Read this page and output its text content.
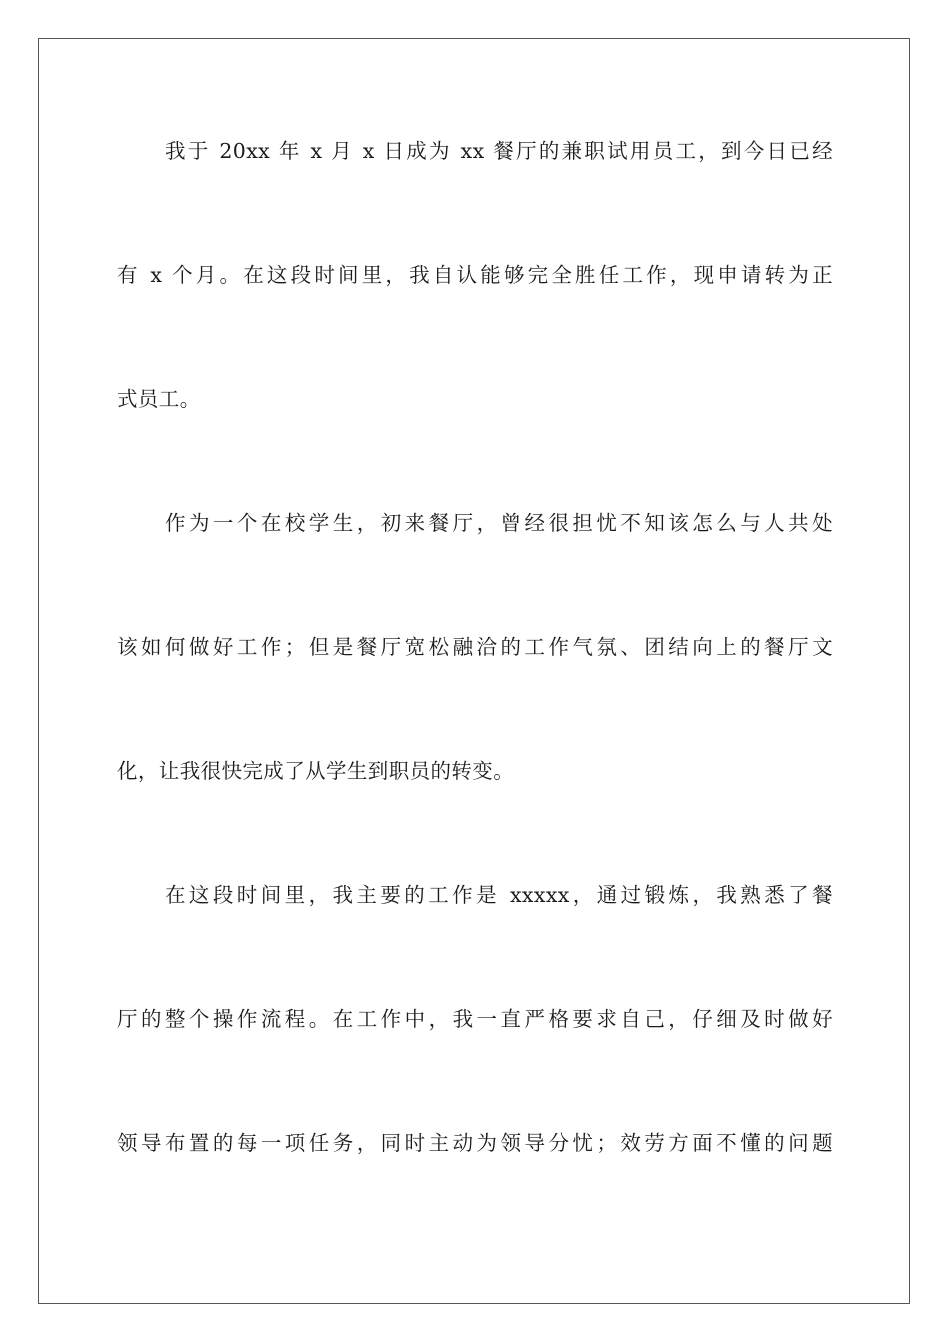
我于 20xx 年 x 月 x 日成为 xx 餐厅的兼职试用员工，到今日已经
有 x 个月。在这段时间里，我自认能够完全胜任工作，现申请转为正
式员工。
作为一个在校学生，初来餐厅，曾经很担忧不知该怎么与人共处
该如何做好工作；但是餐厅宽松融洽的工作气氛、团结向上的餐厅文
化，让我很快完成了从学生到职员的转变。
在这段时间里，我主要的工作是 xxxxx，通过锻炼，我熟悉了餐
厅的整个操作流程。在工作中，我一直严格要求自己，仔细及时做好
领导布置的每一项任务，同时主动为领导分忧；效劳方面不懂的问题
